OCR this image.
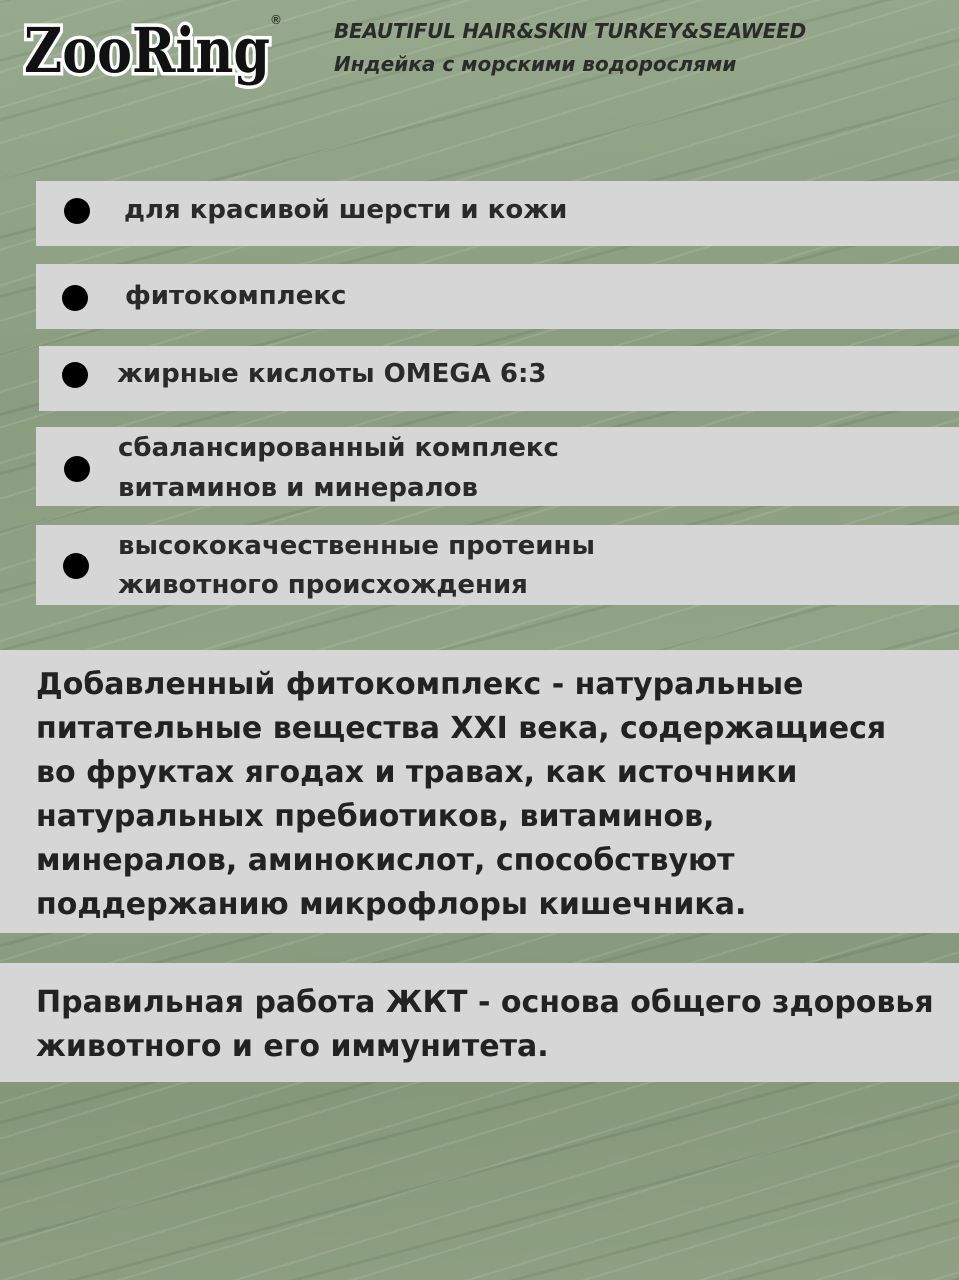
ZooRing ®	BEAUTIFUL HAIR&SKIN TURKEY&SEAWEED
Индейка с морскими водорослями
для красивой шерсти и кожи
фитокомплекс
жирные кислоты OMEGA 6:3
сбалансированный комплекс
витаминов и минералов
высококачественные протеины
животного происхождения
Добавленный фитокомплекс - натуральные
питательные вещества XXI века, содержащиеся
во фруктах ягодах и травах, как источники
натуральных пребиотиков, витаминов,
минералов, аминокислот, способствуют
поддержанию микрофлоры кишечника.
Правильная работа ЖКТ - основа общего здоровья
животного и его иммунитета.
